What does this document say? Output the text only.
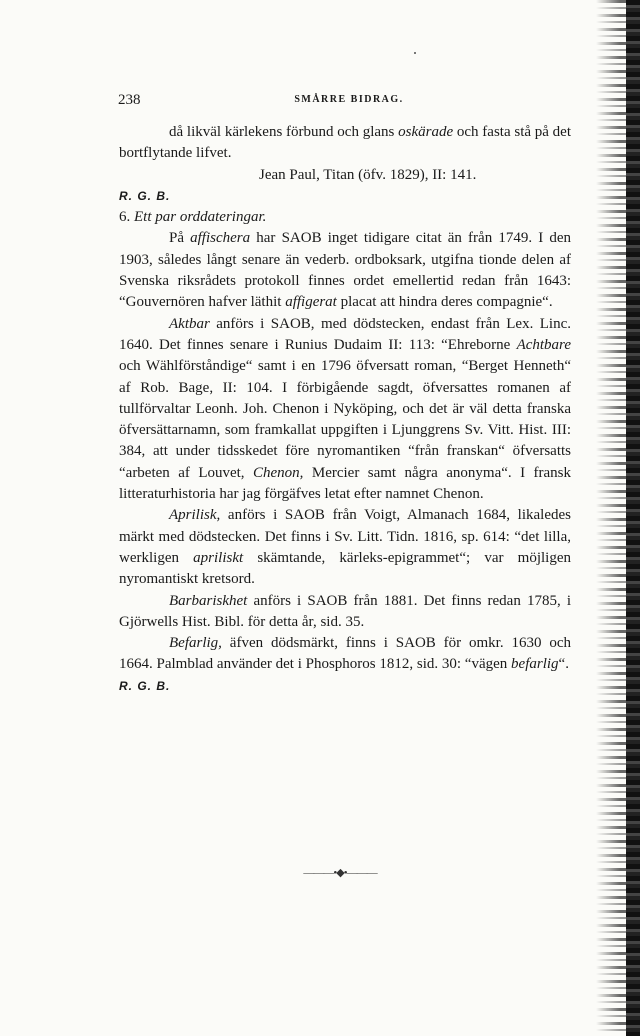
238	SMÅRRE BIDRAG.

då likväl kärlekens förbund och glans oskärade och fasta stå på det bortflytande lifvet.

Jean Paul, Titan (öfv. 1829), II: 141.

R. G. B.

6. Ett par orddateringar.

På affischera har SAOB inget tidigare citat än från 1749. I den 1903, således långt senare än vederb. ordboksark, utgifna tionde delen af Svenska riksrådets protokoll finnes ordet emellertid redan från 1643: “Gouvernören hafver läthit affigerat placat att hindra deres compagnie“.

Aktbar anförs i SAOB, med dödstecken, endast från Lex. Linc. 1640. Det finnes senare i Runius Dudaim II: 113: “Ehreborne Achtbare och Wählförståndige“ samt i en 1796 öfversatt roman, “Berget Henneth“ af Rob. Bage, II: 104. I förbigående sagdt, öfversattes romanen af tullförvaltar Leonh. Joh. Chenon i Nyköping, och det är väl detta franska öfversättarnamn, som framkallat uppgiften i Ljunggrens Sv. Vitt. Hist. III: 384, att under tidsskedet före nyromantiken “från franskan“ öfversatts “arbeten af Louvet, Chenon, Mercier samt några anonyma“. I fransk litteraturhistoria har jag förgäfves letat efter namnet Chenon.

Aprilisk, anförs i SAOB från Voigt, Almanach 1684, likaledes märkt med dödstecken. Det finns i Sv. Litt. Tidn. 1816, sp. 614: “det lilla, werkligen apriliskt skämtande, kärleks-epigrammet“; var möjligen nyromantiskt kretsord.

Barbariskhet anförs i SAOB från 1881. Det finns redan 1785, i Gjörwells Hist. Bibl. för detta år, sid. 35.

Befarlig, äfven dödsmärkt, finns i SAOB för omkr. 1630 och 1664. Palmblad använder det i Phosphoros 1812, sid. 30: “vägen befarlig“.

R. G. B.

———•◆•———
